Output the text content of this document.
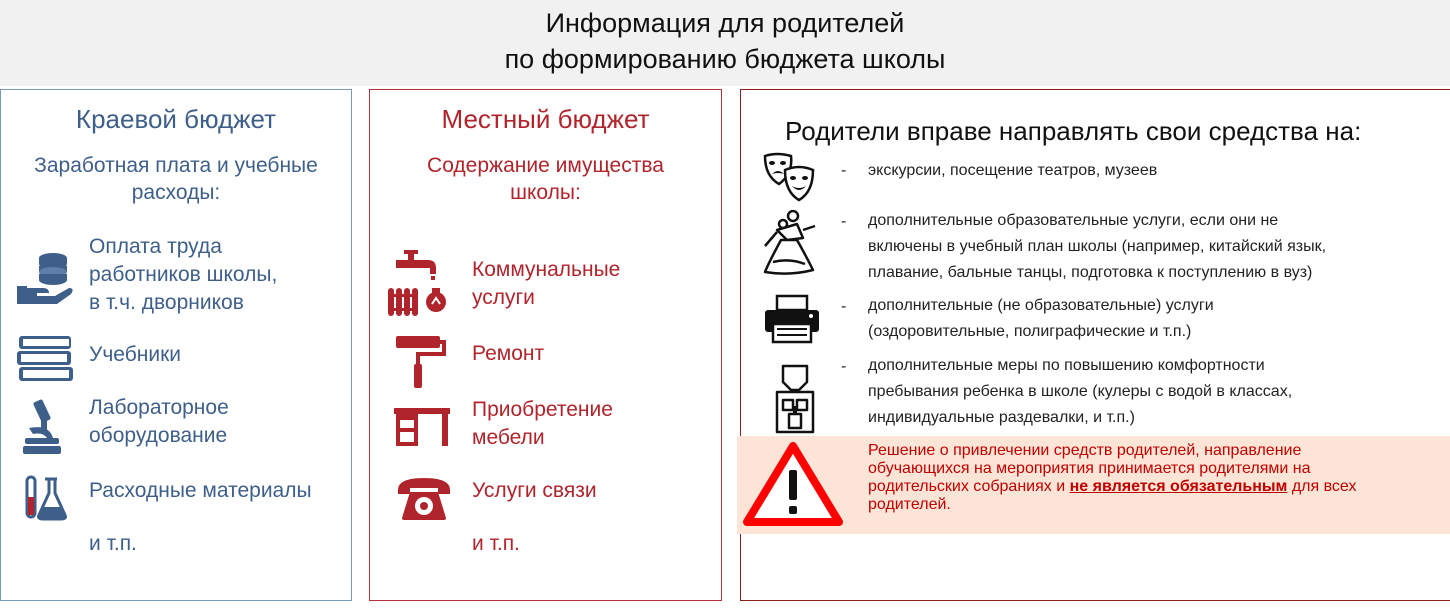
Информация для родителей
по формированию бюджета школы
Краевой бюджет
Заработная плата и учебные
расходы:
Оплата труда
работников школы,
в т.ч. дворников
Учебники
Лабораторное
оборудование
Расходные материалы
и т.п.
Местный бюджет
Содержание имущества
школы:
Коммунальные
услуги
Ремонт
Приобретение
мебели
Услуги связи
и т.п.
Родители вправе направлять свои средства на:
- экскурсии, посещение театров, музеев
- дополнительные образовательные услуги, если они не
включены в учебный план школы (например, китайский язык,
плавание, бальные танцы, подготовка к поступлению в вуз)
- дополнительные (не образовательные) услуги
(оздоровительные, полиграфические и т.п.)
- дополнительные меры по повышению комфортности
пребывания ребенка в школе (кулеры с водой в классах,
индивидуальные раздевалки, и т.п.)
Решение о привлечении средств родителей, направление
обучающихся на мероприятия принимается родителями на
родительских собраниях и не является обязательным для всех
родителей.
